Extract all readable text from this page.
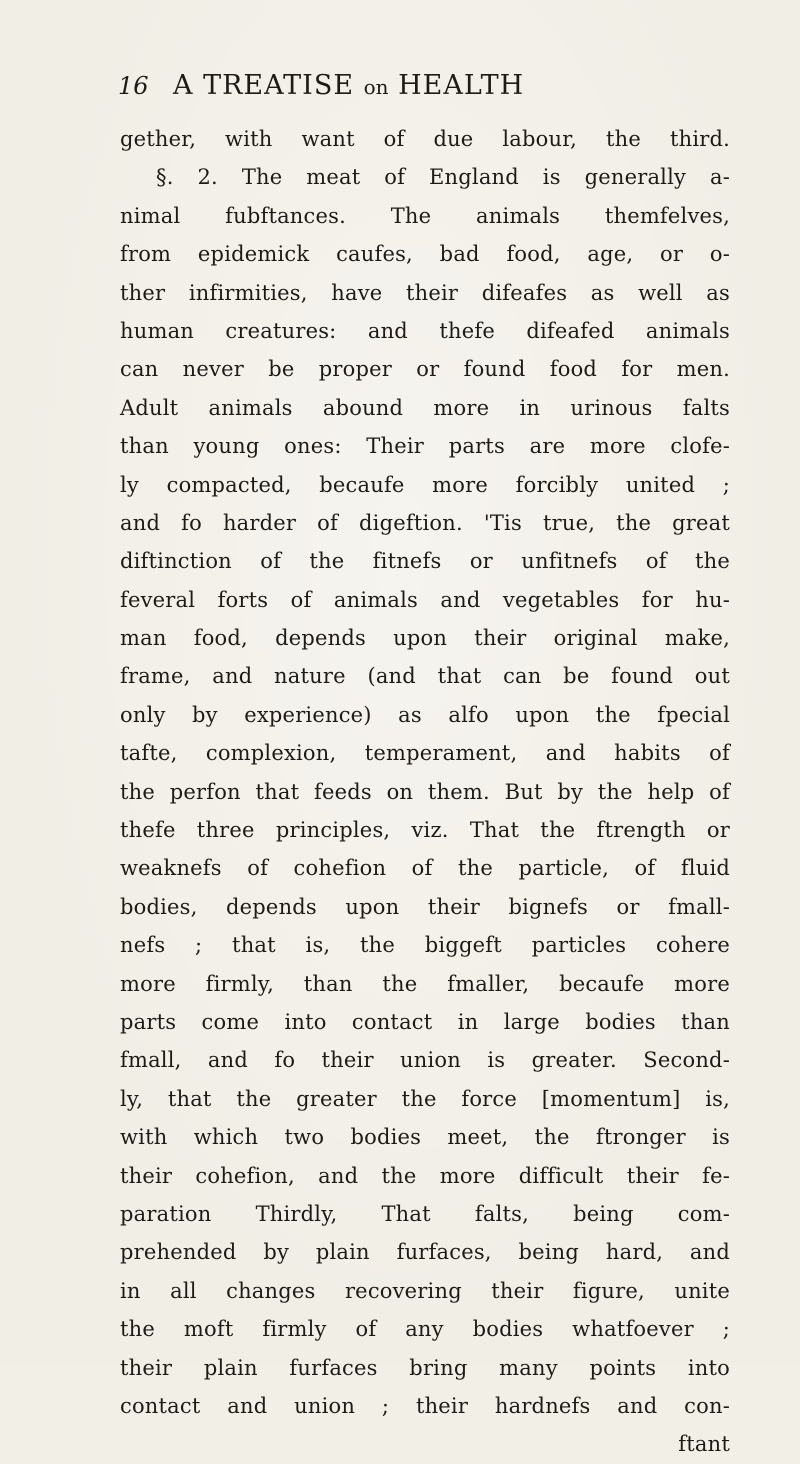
16 A TREATISE on HEALTH
gether, with want of due labour, the third.
§. 2. The meat of England is generally a-
nimal fubftances. The animals themfelves,
from epidemick caufes, bad food, age, or o-
ther infirmities, have their difeafes as well as
human creatures: and thefe difeafed animals
can never be proper or found food for men.
Adult animals abound more in urinous falts
than young ones: Their parts are more clofe-
ly compacted, becaufe more forcibly united ;
and fo harder of digeftion. 'Tis true, the great
diftinction of the fitnefs or unfitnefs of the
feveral forts of animals and vegetables for hu-
man food, depends upon their original make,
frame, and nature (and that can be found out
only by experience) as alfo upon the fpecial
tafte, complexion, temperament, and habits of
the perfon that feeds on them. But by the help of
thefe three principles, viz. That the ftrength or
weaknefs of cohefion of the particle, of fluid
bodies, depends upon their bignefs or fmall-
nefs ; that is, the biggeft particles cohere
more firmly, than the fmaller, becaufe more
parts come into contact in large bodies than
fmall, and fo their union is greater. Second-
ly, that the greater the force [momentum] is,
with which two bodies meet, the ftronger is
their cohefion, and the more difficult their fe-
paration Thirdly, That falts, being com-
prehended by plain furfaces, being hard, and
in all changes recovering their figure, unite
the moft firmly of any bodies whatfoever ;
their plain furfaces bring many points into
contact and union ; their hardnefs and con-
ftant
